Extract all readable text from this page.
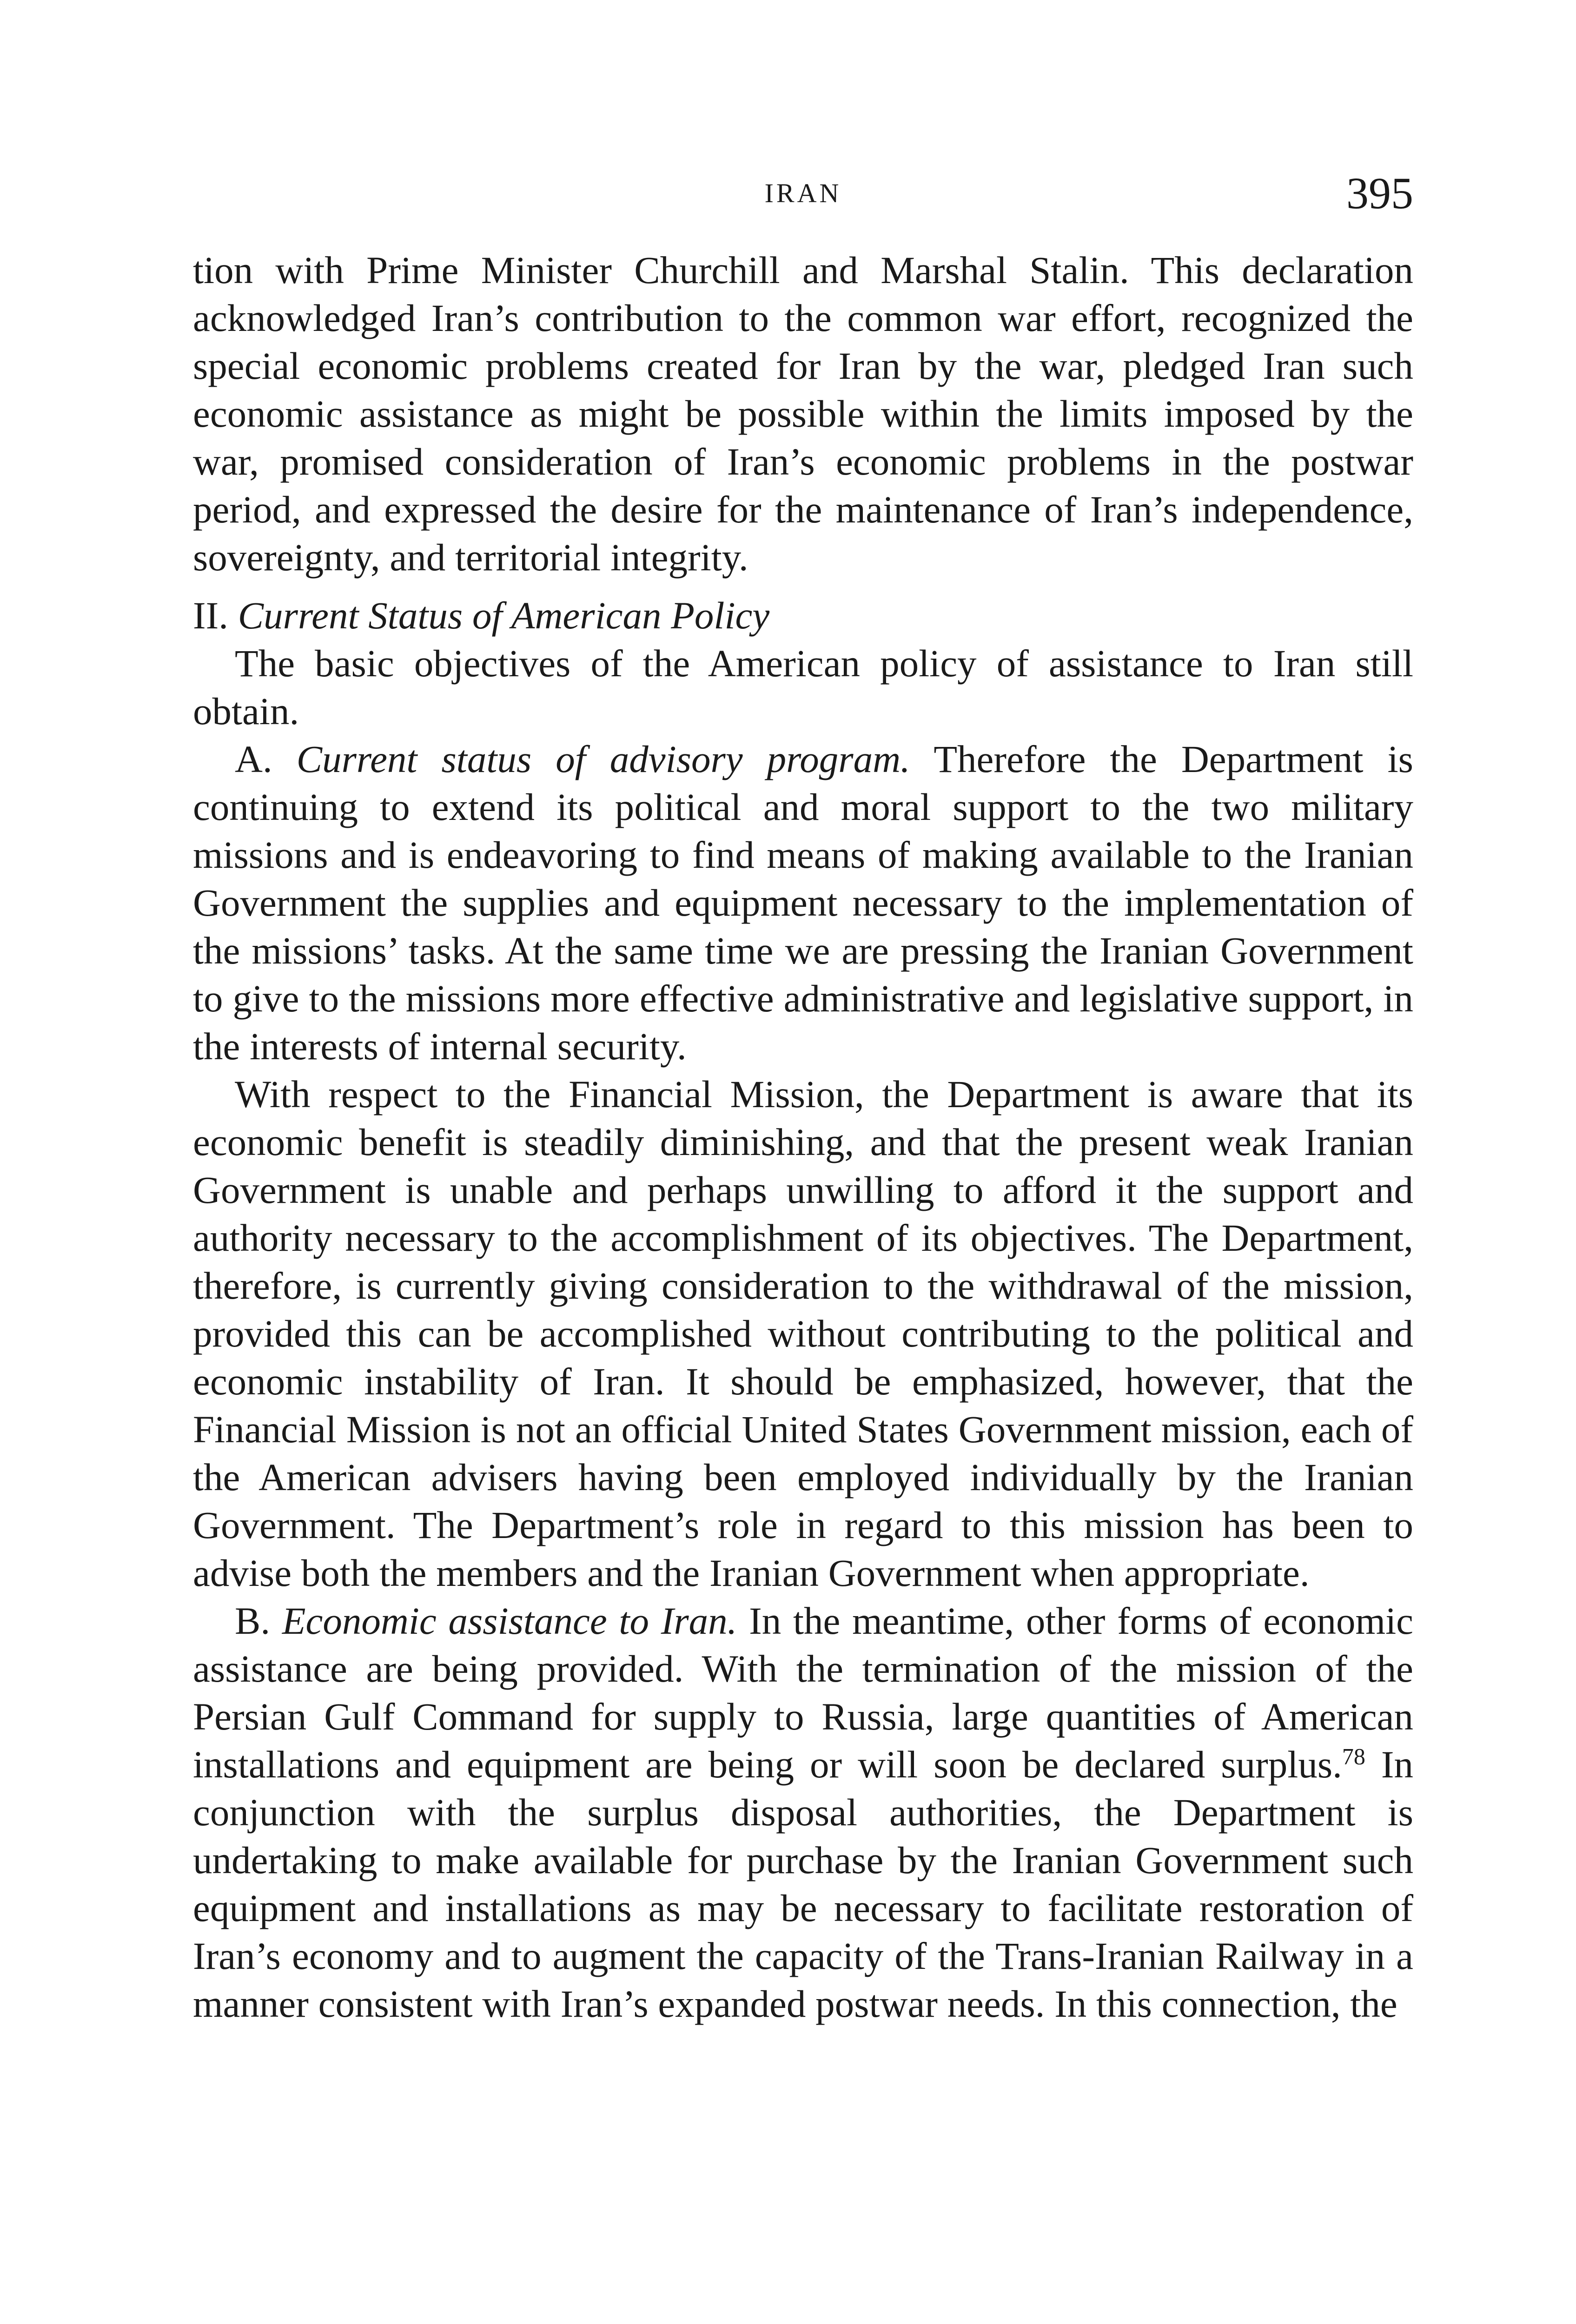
IRAN	395

tion with Prime Minister Churchill and Marshal Stalin. This declaration acknowledged Iran’s contribution to the common war effort, recognized the special economic problems created for Iran by the war, pledged Iran such economic assistance as might be possible within the limits imposed by the war, promised consideration of Iran’s economic problems in the postwar period, and expressed the desire for the maintenance of Iran’s independence, sovereignty, and territorial integrity.

II. Current Status of American Policy

The basic objectives of the American policy of assistance to Iran still obtain.

A. Current status of advisory program. Therefore the Department is continuing to extend its political and moral support to the two military missions and is endeavoring to find means of making available to the Iranian Government the supplies and equipment necessary to the implementation of the missions’ tasks. At the same time we are pressing the Iranian Government to give to the missions more effective administrative and legislative support, in the interests of internal security.

With respect to the Financial Mission, the Department is aware that its economic benefit is steadily diminishing, and that the present weak Iranian Government is unable and perhaps unwilling to afford it the support and authority necessary to the accomplishment of its objectives. The Department, therefore, is currently giving consideration to the withdrawal of the mission, provided this can be accomplished without contributing to the political and economic instability of Iran. It should be emphasized, however, that the Financial Mission is not an official United States Government mission, each of the American advisers having been employed individually by the Iranian Government. The Department’s role in regard to this mission has been to advise both the members and the Iranian Government when appropriate.

B. Economic assistance to Iran. In the meantime, other forms of economic assistance are being provided. With the termination of the mission of the Persian Gulf Command for supply to Russia, large quantities of American installations and equipment are being or will soon be declared surplus.$^{78}$ In conjunction with the surplus disposal authorities, the Department is undertaking to make available for purchase by the Iranian Government such equipment and installations as may be necessary to facilitate restoration of Iran’s economy and to augment the capacity of the Trans-Iranian Railway in a manner consistent with Iran’s expanded postwar needs. In this connection, the
